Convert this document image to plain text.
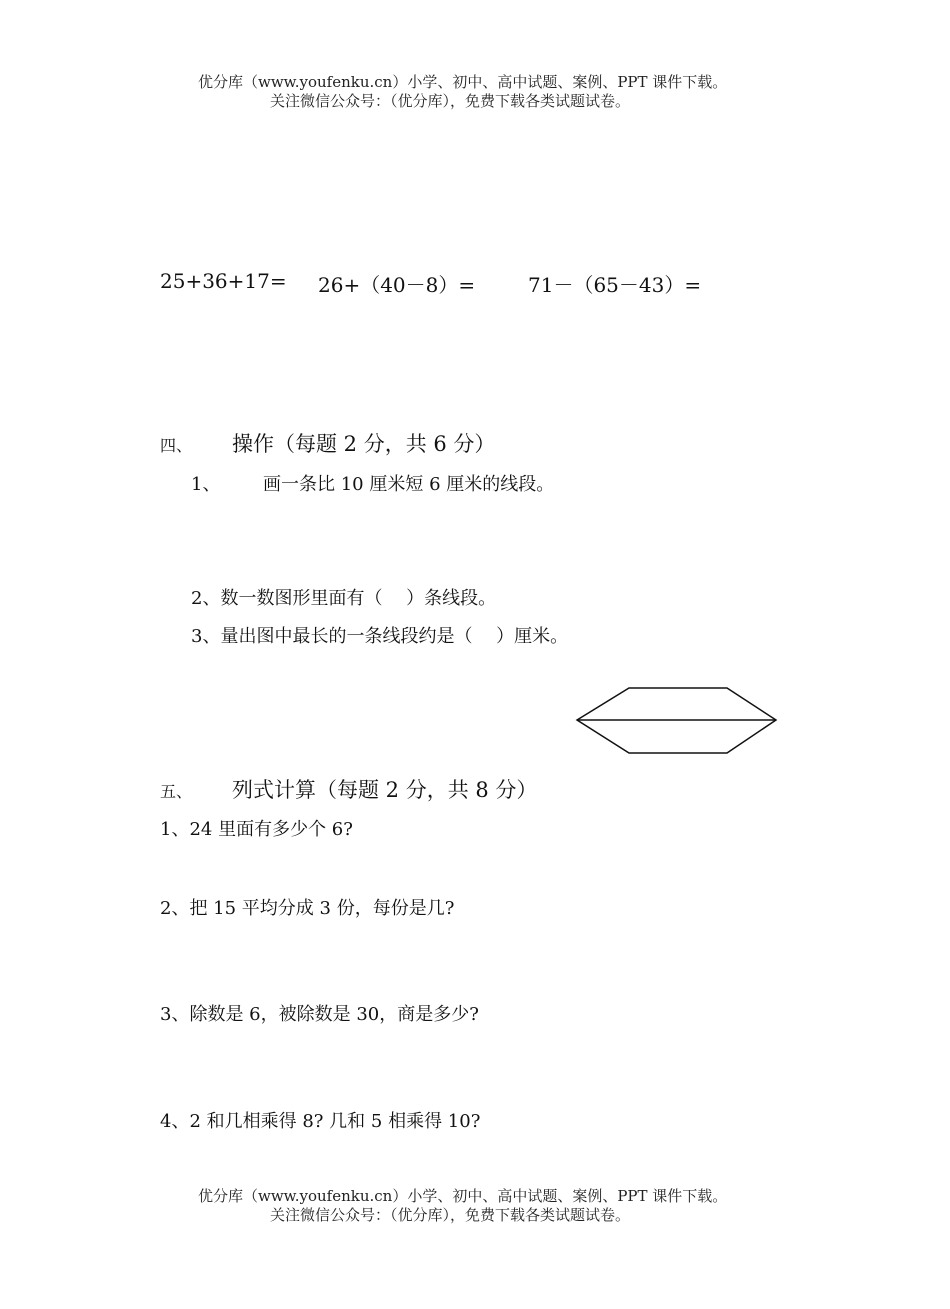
优分库（www.youfenku.cn）小学、初中、高中试题、案例、PPT 课件下载。
关注微信公众号：（优分库），免费下载各类试题试卷。
25+36+17= 26+（40－8）=	71－（65－43）=
四、 操作（每题 2 分，共 6 分）
1、 画一条比 10 厘米短 6 厘米的线段。
2、数一数图形里面有（　 ）条线段。
3、量出图中最长的一条线段约是（　 ）厘米。
五、 列式计算（每题 2 分，共 8 分）
1、24 里面有多少个 6?
2、把 15 平均分成 3 份，每份是几?
3、除数是 6，被除数是 30，商是多少?
4、2 和几相乘得 8? 几和 5 相乘得 10?
优分库（www.youfenku.cn）小学、初中、高中试题、案例、PPT 课件下载。
关注微信公众号：（优分库），免费下载各类试题试卷。
